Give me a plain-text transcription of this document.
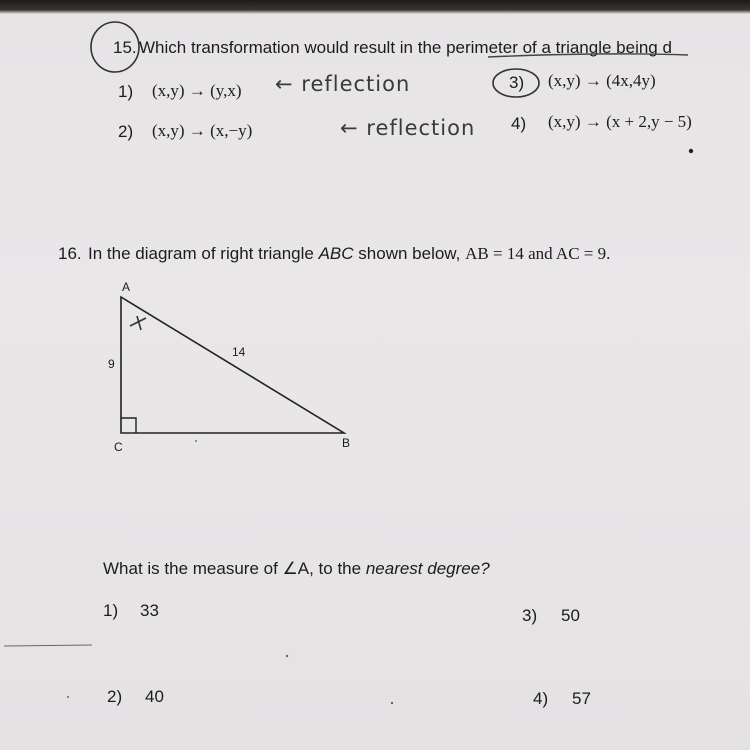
15. Which transformation would result in the perimeter of a triangle being d
1) (x,y) → (y,x)
2) (x,y) → (x,−y)
3) (x,y) → (4x,4y)
4) (x,y) → (x + 2,y − 5)
← reflection
← reflection
16. In the diagram of right triangle ABC shown below, AB = 14 and AC = 9.
A
B
C
9
14
What is the measure of ∠A, to the nearest degree?
1) 33
2) 40
3) 50
4) 57
